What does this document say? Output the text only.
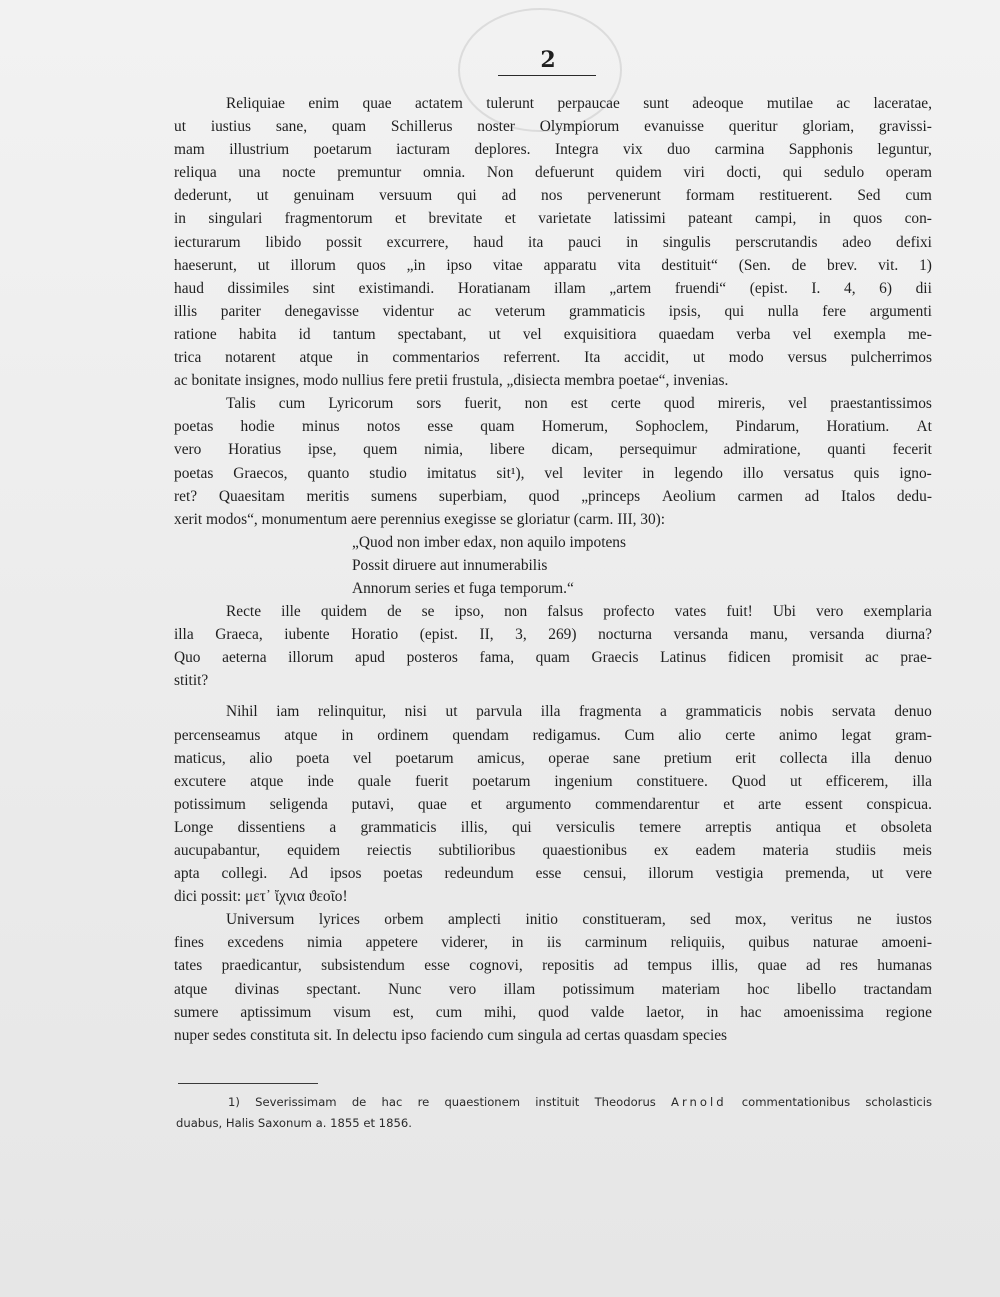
2
Reliquiae enim quae actatem tulerunt perpaucae sunt adeoque mutilae ac laceratae,
ut iustius sane, quam Schillerus noster Olympiorum evanuisse queritur gloriam, gravissi-
mam illustrium poetarum iacturam deplores. Integra vix duo carmina Sapphonis leguntur,
reliqua una nocte premuntur omnia. Non defuerunt quidem viri docti, qui sedulo operam
dederunt, ut genuinam versuum qui ad nos pervenerunt formam restituerent. Sed cum
in singulari fragmentorum et brevitate et varietate latissimi pateant campi, in quos con-
iecturarum libido possit excurrere, haud ita pauci in singulis perscrutandis adeo defixi
haeserunt, ut illorum quos „in ipso vitae apparatu vita destituit“ (Sen. de brev. vit. 1)
haud dissimiles sint existimandi. Horatianam illam „artem fruendi“ (epist. I. 4, 6) dii
illis pariter denegavisse videntur ac veterum grammaticis ipsis, qui nulla fere argumenti
ratione habita id tantum spectabant, ut vel exquisitiora quaedam verba vel exempla me-
trica notarent atque in commentarios referrent. Ita accidit, ut modo versus pulcherrimos
ac bonitate insignes, modo nullius fere pretii frustula, „disiecta membra poetae“, invenias.
Talis cum Lyricorum sors fuerit, non est certe quod mireris, vel praestantissimos
poetas hodie minus notos esse quam Homerum, Sophoclem, Pindarum, Horatium. At
vero Horatius ipse, quem nimia, libere dicam, persequimur admiratione, quanti fecerit
poetas Graecos, quanto studio imitatus sit¹), vel leviter in legendo illo versatus quis igno-
ret? Quaesitam meritis sumens superbiam, quod „princeps Aeolium carmen ad Italos dedu-
xerit modos“, monumentum aere perennius exegisse se gloriatur (carm. III, 30):
„Quod non imber edax, non aquilo impotens
Possit diruere aut innumerabilis
Annorum series et fuga temporum.“
Recte ille quidem de se ipso, non falsus profecto vates fuit! Ubi vero exemplaria
illa Graeca, iubente Horatio (epist. II, 3, 269) nocturna versanda manu, versanda diurna?
Quo aeterna illorum apud posteros fama, quam Graecis Latinus fidicen promisit ac prae-
stitit?
Nihil iam relinquitur, nisi ut parvula illa fragmenta a grammaticis nobis servata denuo
percenseamus atque in ordinem quendam redigamus. Cum alio certe animo legat gram-
maticus, alio poeta vel poetarum amicus, operae sane pretium erit collecta illa denuo
excutere atque inde quale fuerit poetarum ingenium constituere. Quod ut efficerem, illa
potissimum seligenda putavi, quae et argumento commendarentur et arte essent conspicua.
Longe dissentiens a grammaticis illis, qui versiculis temere arreptis antiqua et obsoleta
aucupabantur, equidem reiectis subtilioribus quaestionibus ex eadem materia studiis meis
apta collegi. Ad ipsos poetas redeundum esse censui, illorum vestigia premenda, ut vere
dici possit: μετ᾽ ἴχνια ϑεοῖο!
Universum lyrices orbem amplecti initio constitueram, sed mox, veritus ne iustos
fines excedens nimia appetere viderer, in iis carminum reliquiis, quibus naturae amoeni-
tates praedicantur, subsistendum esse cognovi, repositis ad tempus illis, quae ad res humanas
atque divinas spectant. Nunc vero illam potissimum materiam hoc libello tractandam
sumere aptissimum visum est, cum mihi, quod valde laetor, in hac amoenissima regione
nuper sedes constituta sit. In delectu ipso faciendo cum singula ad certas quasdam species
1) Severissimam de hac re quaestionem instituit Theodorus Arnold commentationibus scholasticis
duabus, Halis Saxonum a. 1855 et 1856.
